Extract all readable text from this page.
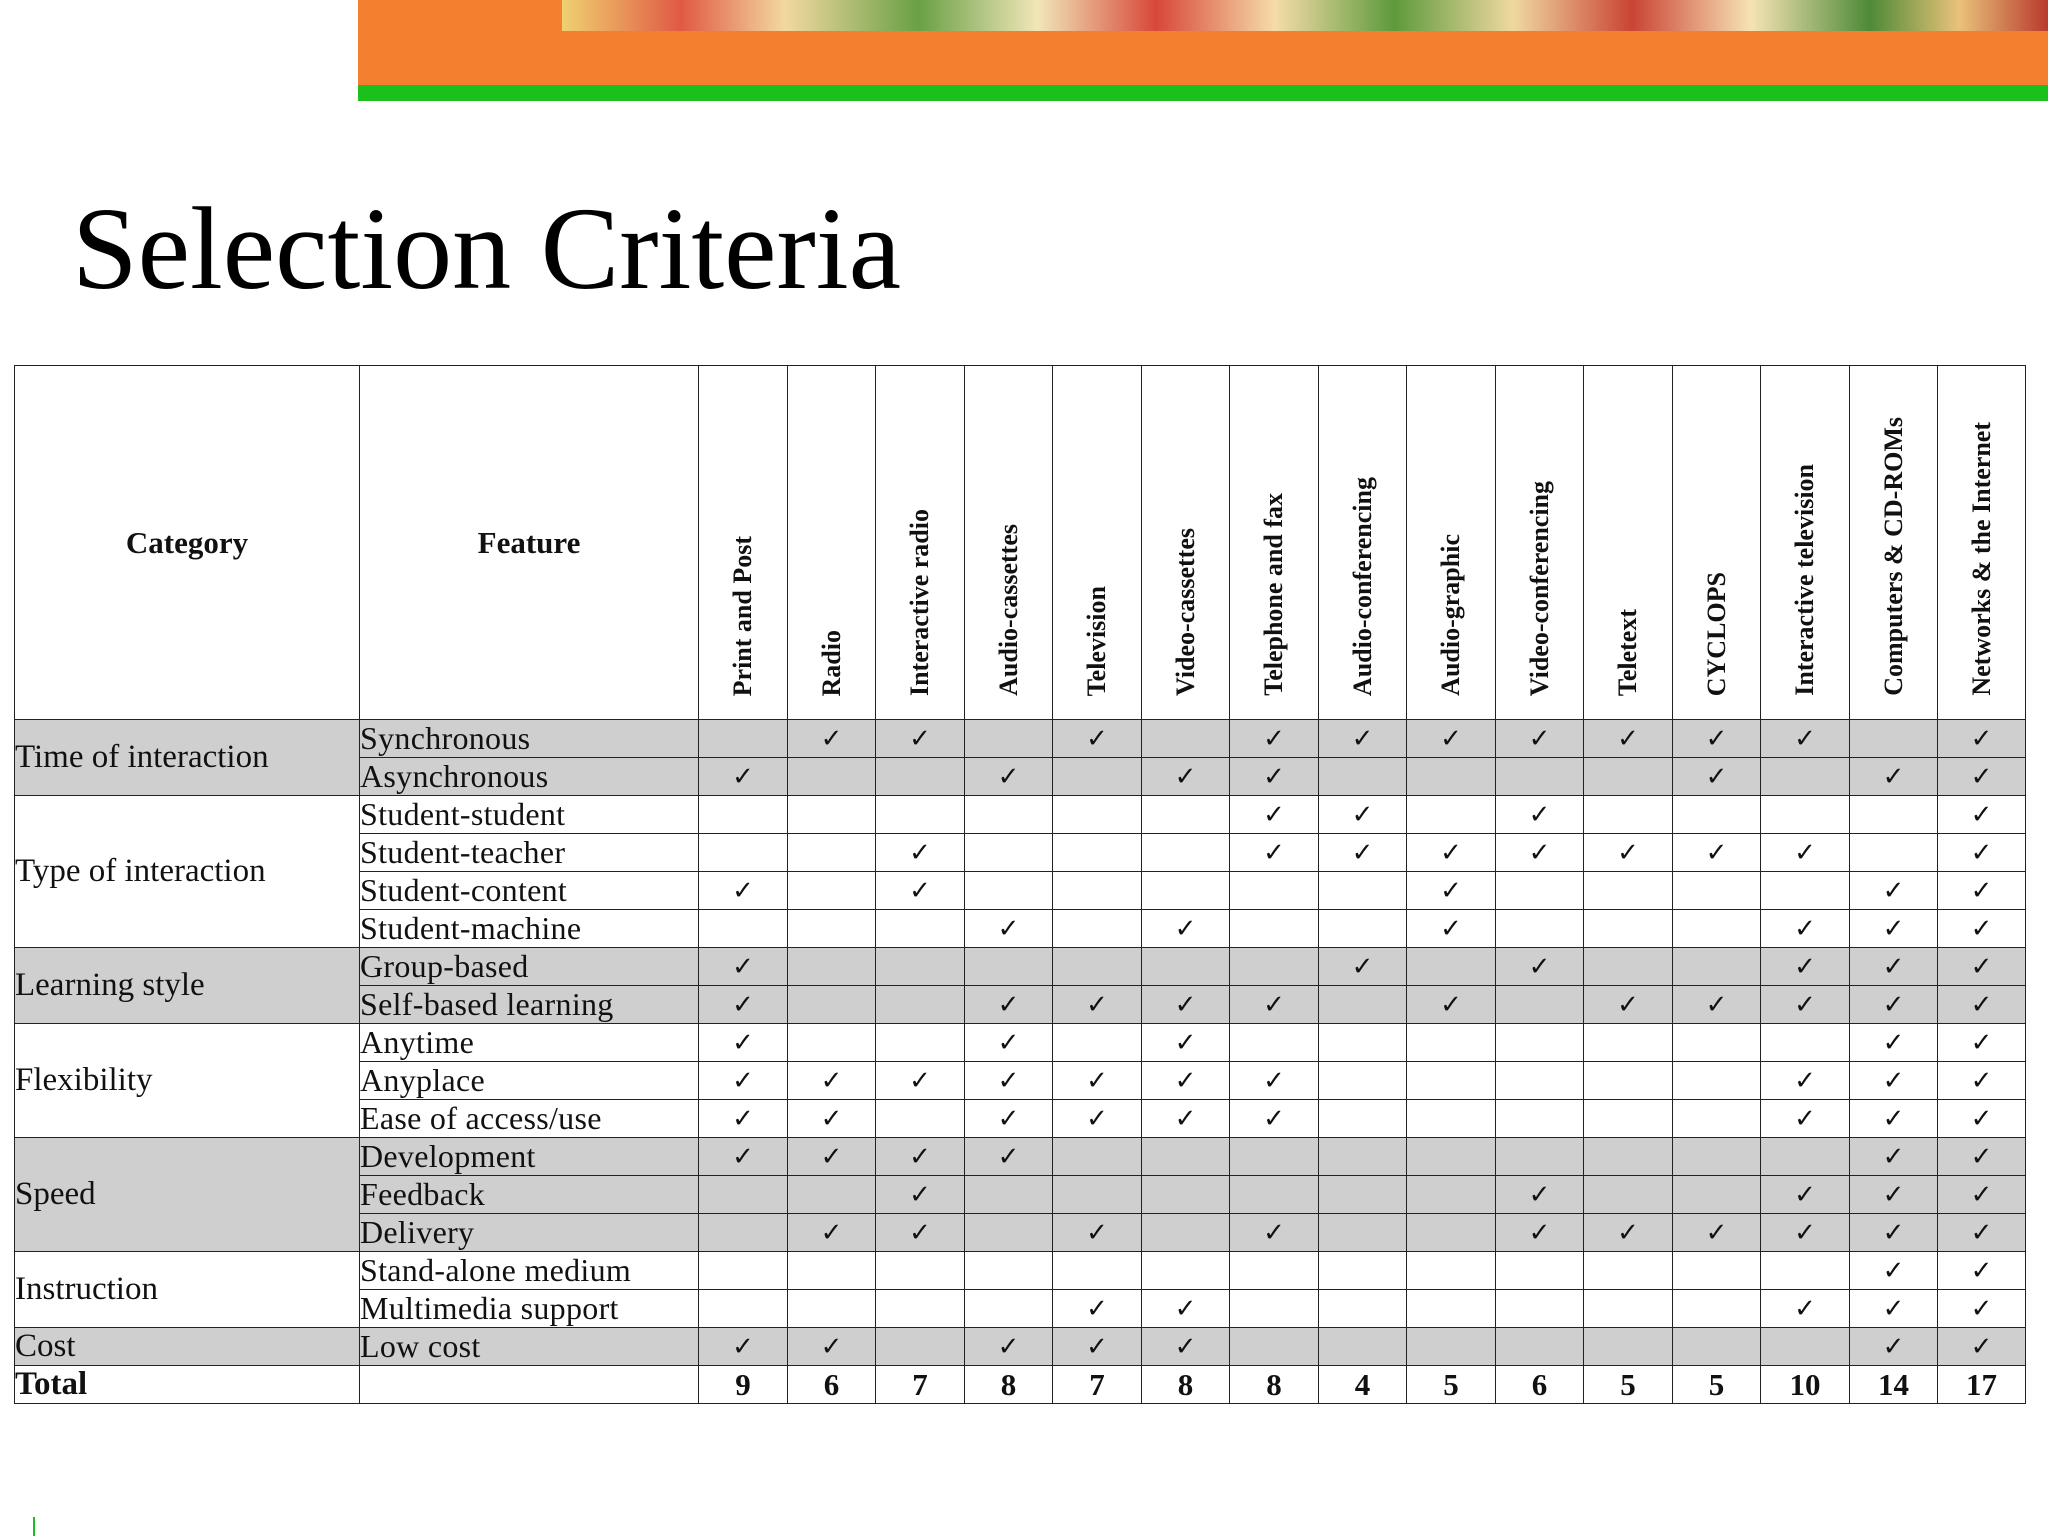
Selection Criteria
Category	Feature	Print and Post	Radio	Interactive radio	Audio-cassettes	Television	Video-cassettes	Telephone and fax	Audio-conferencing	Audio-graphic	Video-conferencing	Teletext	CYCLOPS	Interactive television	Computers & CD-ROMs	Networks & the Internet
Time of interaction	Synchronous		✓	✓		✓		✓	✓	✓	✓	✓	✓	✓		✓
	Asynchronous	✓			✓		✓	✓					✓		✓	✓
Type of interaction	Student-student							✓	✓		✓					✓
	Student-teacher			✓				✓	✓	✓	✓	✓	✓	✓		✓
	Student-content	✓		✓						✓					✓	✓
	Student-machine				✓		✓			✓				✓	✓	✓
Learning style	Group-based	✓							✓		✓			✓	✓	✓
	Self-based learning	✓			✓	✓	✓	✓		✓		✓	✓	✓	✓	✓
Flexibility	Anytime	✓			✓		✓								✓	✓
	Anyplace	✓	✓	✓	✓	✓	✓	✓						✓	✓	✓
	Ease of access/use	✓	✓		✓	✓	✓	✓						✓	✓	✓
Speed	Development	✓	✓	✓	✓										✓	✓
	Feedback			✓							✓			✓	✓	✓
	Delivery		✓	✓		✓		✓			✓	✓	✓	✓	✓	✓
Instruction	Stand-alone medium														✓	✓
	Multimedia support					✓	✓							✓	✓	✓
Cost	Low cost	✓	✓		✓	✓	✓								✓	✓
Total		9	6	7	8	7	8	8	4	5	6	5	5	10	14	17
